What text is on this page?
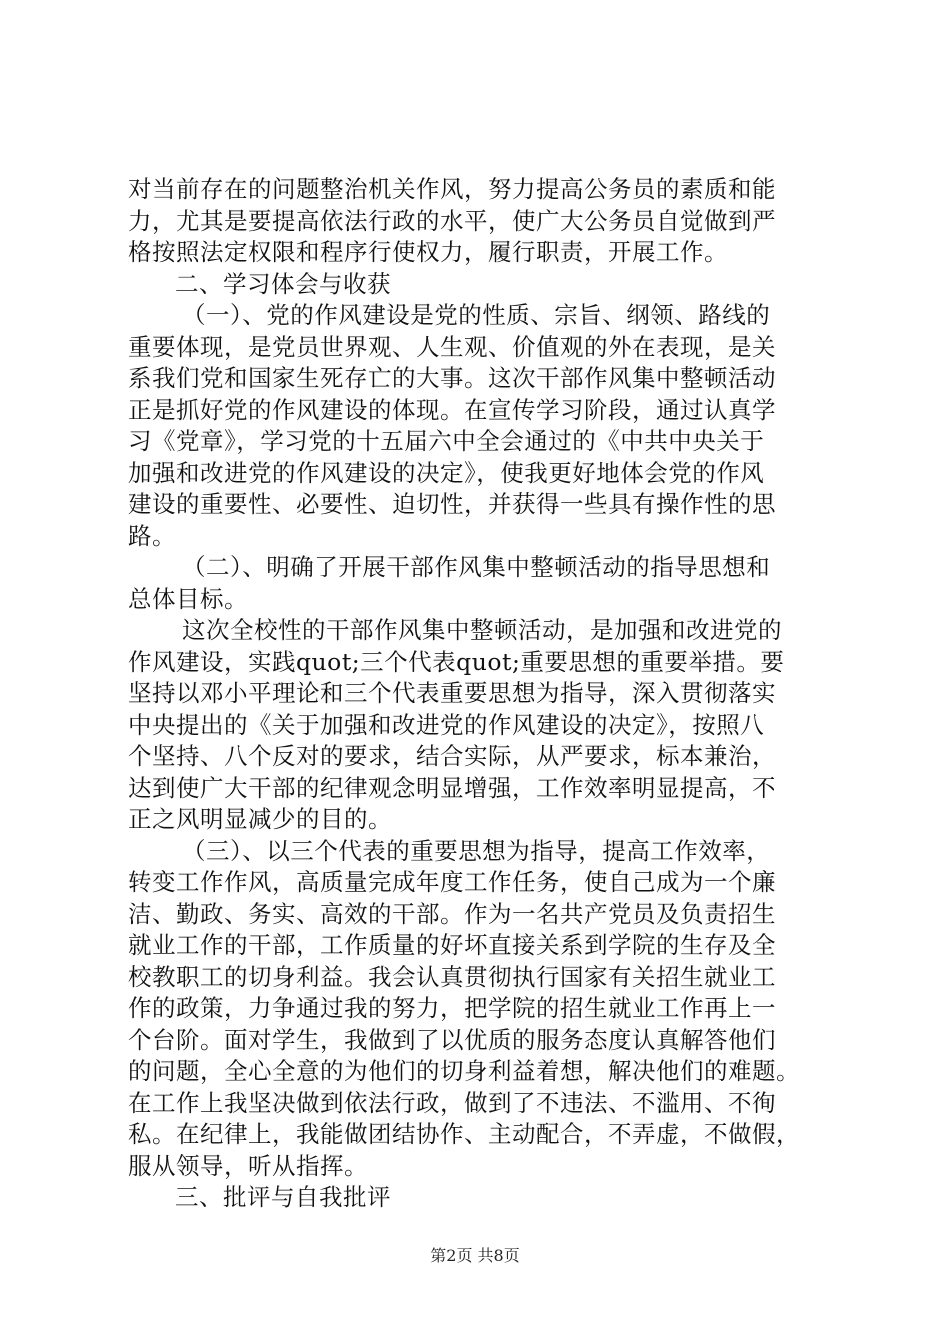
对当前存在的问题整治机关作风，努力提高公务员的素质和能
力，尤其是要提高依法行政的水平，使广大公务员自觉做到严
格按照法定权限和程序行使权力，履行职责，开展工作。
二、学习体会与收获
（一）、党的作风建设是党的性质、宗旨、纲领、路线的
重要体现，是党员世界观、人生观、价值观的外在表现，是关
系我们党和国家生死存亡的大事。这次干部作风集中整顿活动
正是抓好党的作风建设的体现。在宣传学习阶段，通过认真学
习《党章》，学习党的十五届六中全会通过的《中共中央关于
加强和改进党的作风建设的决定》，使我更好地体会党的作风
建设的重要性、必要性、迫切性，并获得一些具有操作性的思
路。
（二）、明确了开展干部作风集中整顿活动的指导思想和
总体目标。
这次全校性的干部作风集中整顿活动，是加强和改进党的
作风建设，实践quot;三个代表quot;重要思想的重要举措。要
坚持以邓小平理论和三个代表重要思想为指导，深入贯彻落实
中央提出的《关于加强和改进党的作风建设的决定》，按照八
个坚持、八个反对的要求，结合实际，从严要求，标本兼治，
达到使广大干部的纪律观念明显增强，工作效率明显提高，不
正之风明显减少的目的。
（三）、以三个代表的重要思想为指导，提高工作效率，
转变工作作风，高质量完成年度工作任务，使自己成为一个廉
洁、勤政、务实、高效的干部。作为一名共产党员及负责招生
就业工作的干部，工作质量的好坏直接关系到学院的生存及全
校教职工的切身利益。我会认真贯彻执行国家有关招生就业工
作的政策，力争通过我的努力，把学院的招生就业工作再上一
个台阶。面对学生，我做到了以优质的服务态度认真解答他们
的问题，全心全意的为他们的切身利益着想，解决他们的难题。
在工作上我坚决做到依法行政，做到了不违法、不滥用、不徇
私。在纪律上，我能做团结协作、主动配合，不弄虚，不做假，
服从领导，听从指挥。
三、批评与自我批评
第2页 共8页
